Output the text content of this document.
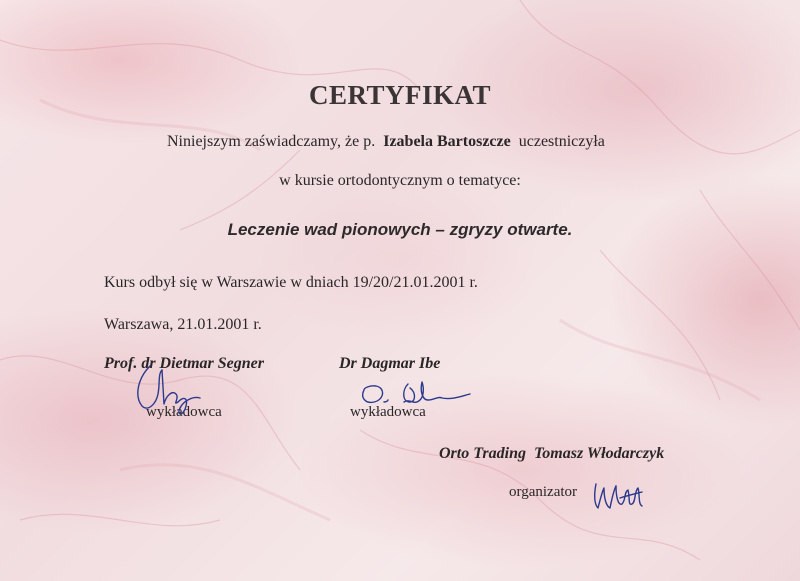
CERTYFIKAT
Niniejszym zaświadczamy, że p. Izabela Bartoszcze uczestniczyła
w kursie ortodontycznym o tematyce:
Leczenie wad pionowych – zgryzy otwarte.
Kurs odbył się w Warszawie w dniach 19/20/21.01.2001 r.
Warszawa, 21.01.2001 r.
Prof. dr Dietmar Segner	Dr Dagmar Ibe
wykładowca	wykładowca
Orto Trading Tomasz Włodarczyk
organizator
